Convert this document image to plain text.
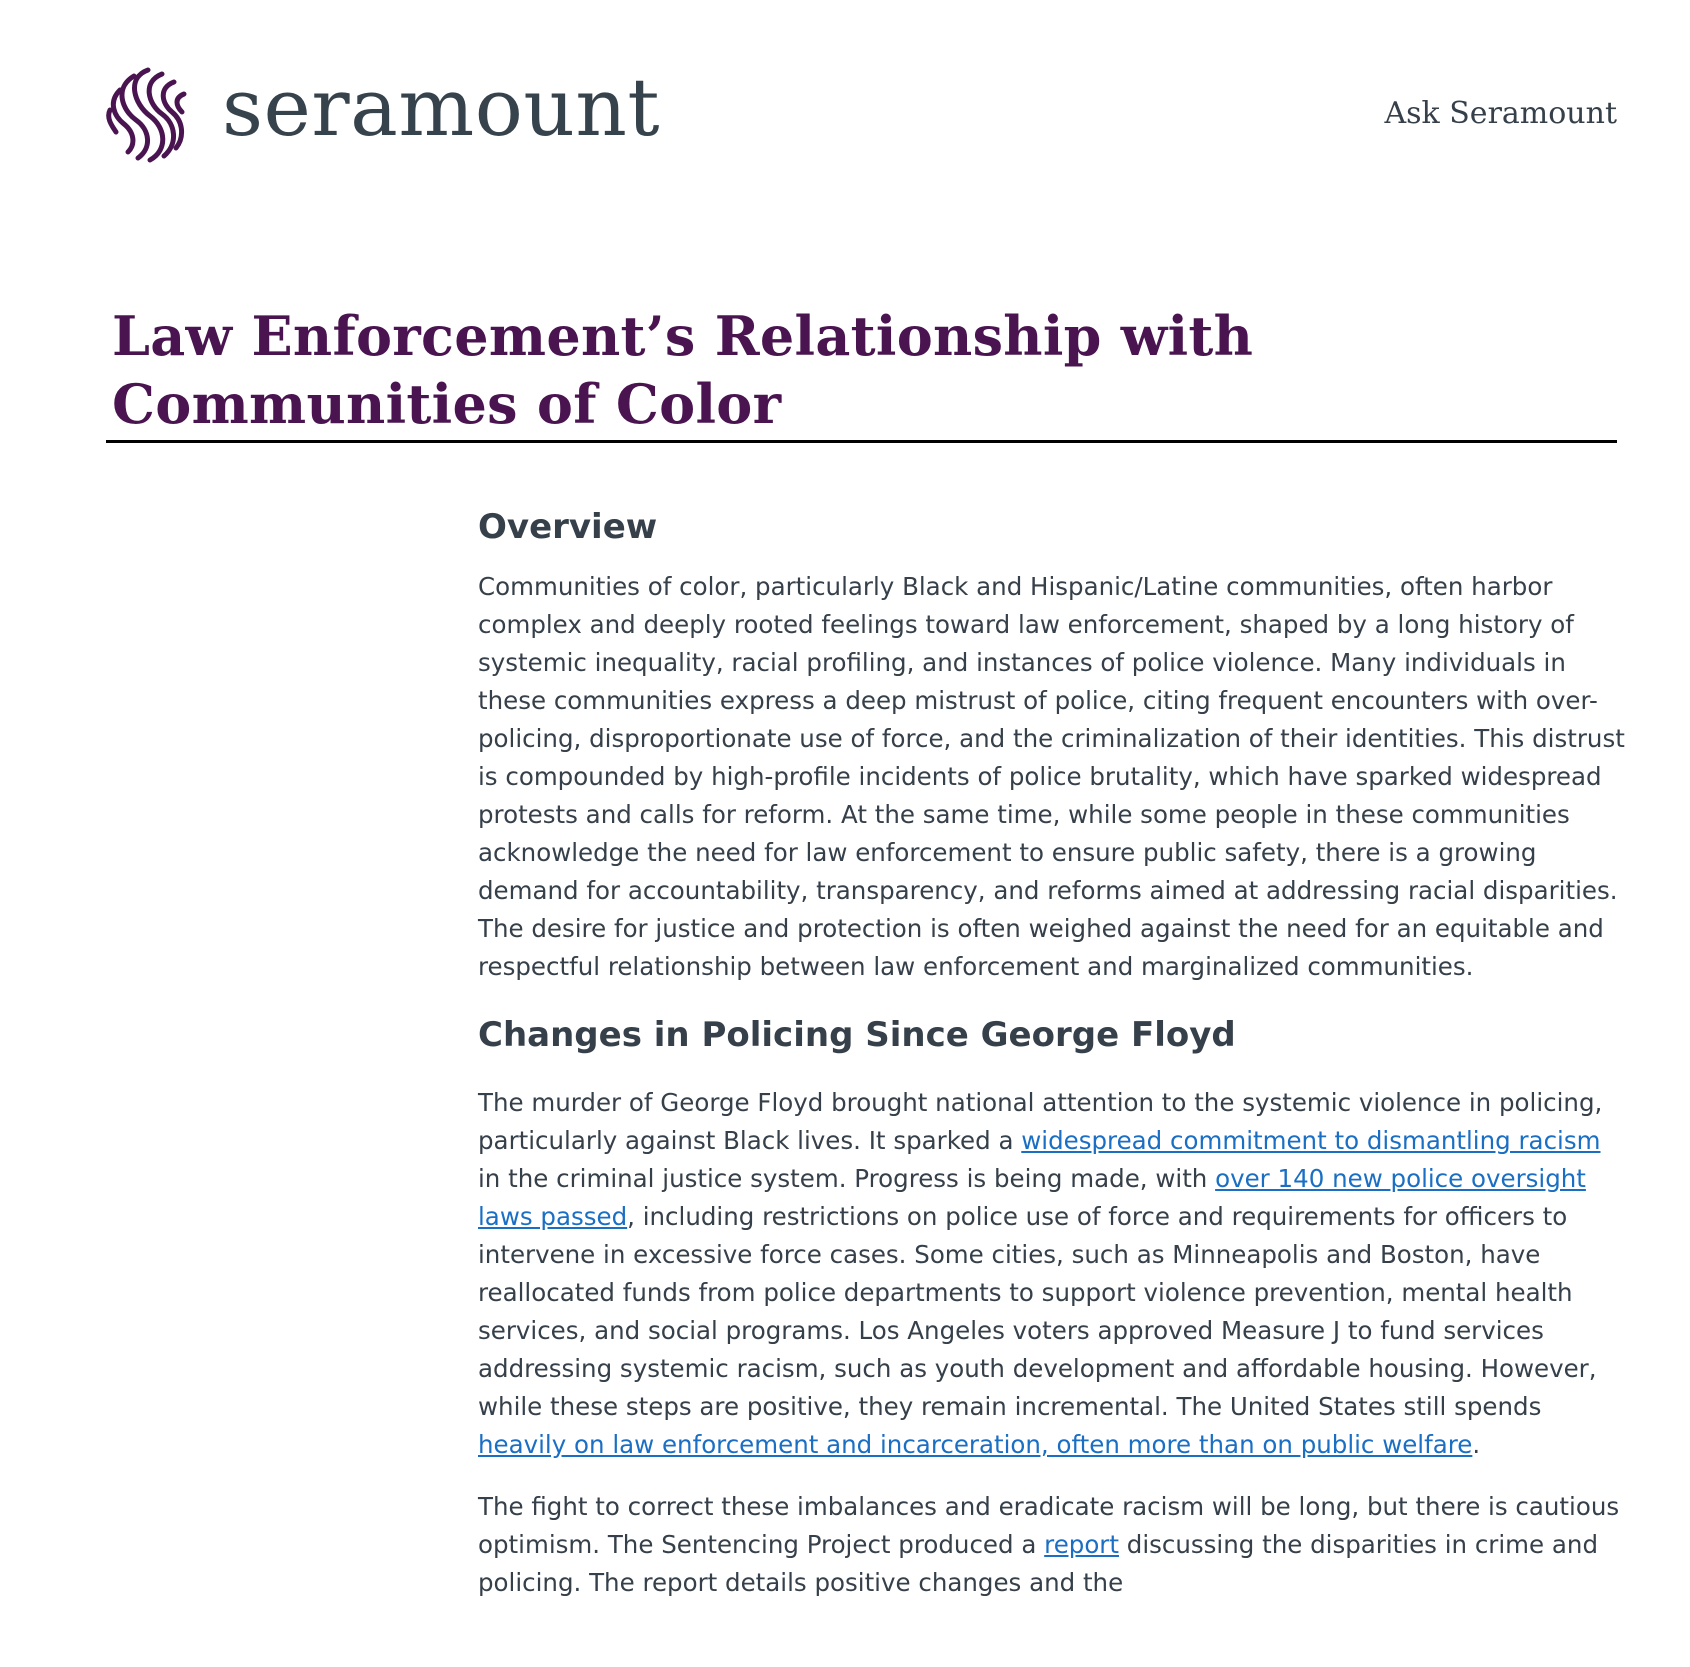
seramount	Ask Seramount
Law Enforcement’s Relationship with Communities of Color
Overview

Communities of color, particularly Black and Hispanic/Latine communities, often harbor complex and deeply rooted feelings toward law enforcement, shaped by a long history of systemic inequality, racial profiling, and instances of police violence. Many individuals in these communities express a deep mistrust of police, citing frequent encounters with over-policing, disproportionate use of force, and the criminalization of their identities. This distrust is compounded by high-profile incidents of police brutality, which have sparked widespread protests and calls for reform. At the same time, while some people in these communities acknowledge the need for law enforcement to ensure public safety, there is a growing demand for accountability, transparency, and reforms aimed at addressing racial disparities. The desire for justice and protection is often weighed against the need for an equitable and respectful relationship between law enforcement and marginalized communities.

Changes in Policing Since George Floyd

The murder of George Floyd brought national attention to the systemic violence in policing, particularly against Black lives. It sparked a widespread commitment to dismantling racism in the criminal justice system. Progress is being made, with over 140 new police oversight laws passed, including restrictions on police use of force and requirements for officers to intervene in excessive force cases. Some cities, such as Minneapolis and Boston, have reallocated funds from police departments to support violence prevention, mental health services, and social programs. Los Angeles voters approved Measure J to fund services addressing systemic racism, such as youth development and affordable housing. However, while these steps are positive, they remain incremental. The United States still spends heavily on law enforcement and incarceration, often more than on public welfare.

The fight to correct these imbalances and eradicate racism will be long, but there is cautious optimism. The Sentencing Project produced a report discussing the disparities in crime and policing. The report details positive changes and the
